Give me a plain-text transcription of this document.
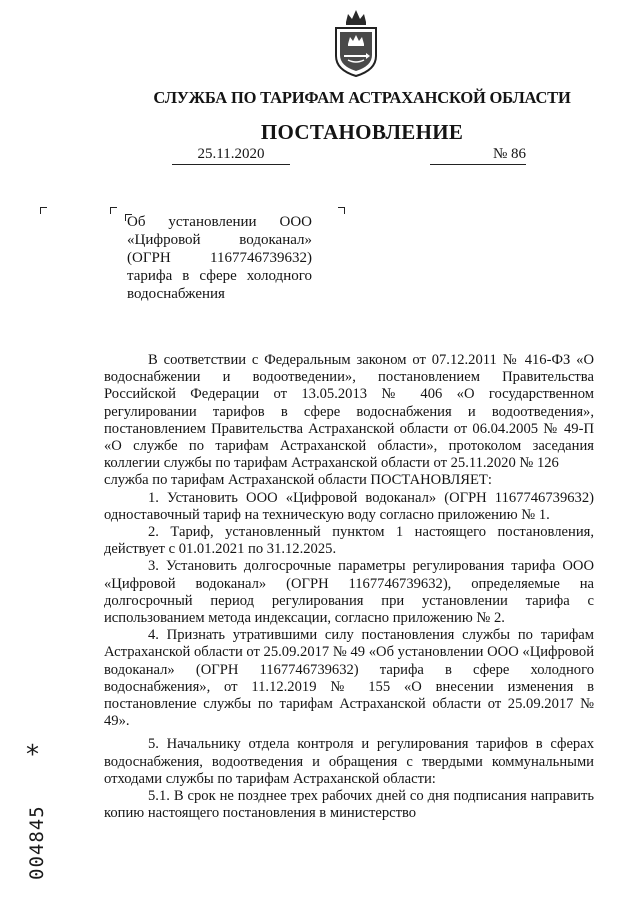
СЛУЖБА ПО ТАРИФАМ АСТРАХАНСКОЙ ОБЛАСТИ
ПОСТАНОВЛЕНИЕ
25.11.2020	№ 86
Об установлении ООО
«Цифровой водоканал»
(ОГРН 1167746739632)
тарифа в сфере холодного
водоснабжения

В соответствии с Федеральным законом от 07.12.2011 № 416-ФЗ «О водоснабжении и водоотведении», постановлением Правительства Российской Федерации от 13.05.2013 № 406 «О государственном регулировании тарифов в сфере водоснабжения и водоотведения», постановлением Правительства Астраханской области от 06.04.2005 № 49-П «О службе по тарифам Астраханской области», протоколом заседания коллегии службы по тарифам Астраханской области от 25.11.2020 № 126

служба по тарифам Астраханской области ПОСТАНОВЛЯЕТ:

1. Установить ООО «Цифровой водоканал» (ОГРН 1167746739632) одноставочный тариф на техническую воду согласно приложению № 1.

2. Тариф, установленный пунктом 1 настоящего постановления, действует с 01.01.2021 по 31.12.2025.

3. Установить долгосрочные параметры регулирования тарифа ООО «Цифровой водоканал» (ОГРН 1167746739632), определяемые на долгосрочный период регулирования при установлении тарифа с использованием метода индексации, согласно приложению № 2.

4. Признать утратившими силу постановления службы по тарифам Астраханской области от 25.09.2017 № 49 «Об установлении ООО «Цифровой водоканал» (ОГРН 1167746739632) тарифа в сфере холодного водоснабжения», от 11.12.2019 № 155 «О внесении изменения в постановление службы по тарифам Астраханской области от 25.09.2017 № 49».

5. Начальнику отдела контроля и регулирования тарифов в сферах водоснабжения, водоотведения и обращения с твердыми коммунальными отходами службы по тарифам Астраханской области:

5.1. В срок не позднее трех рабочих дней со дня подписания направить копию настоящего постановления в министерство

*
004845
